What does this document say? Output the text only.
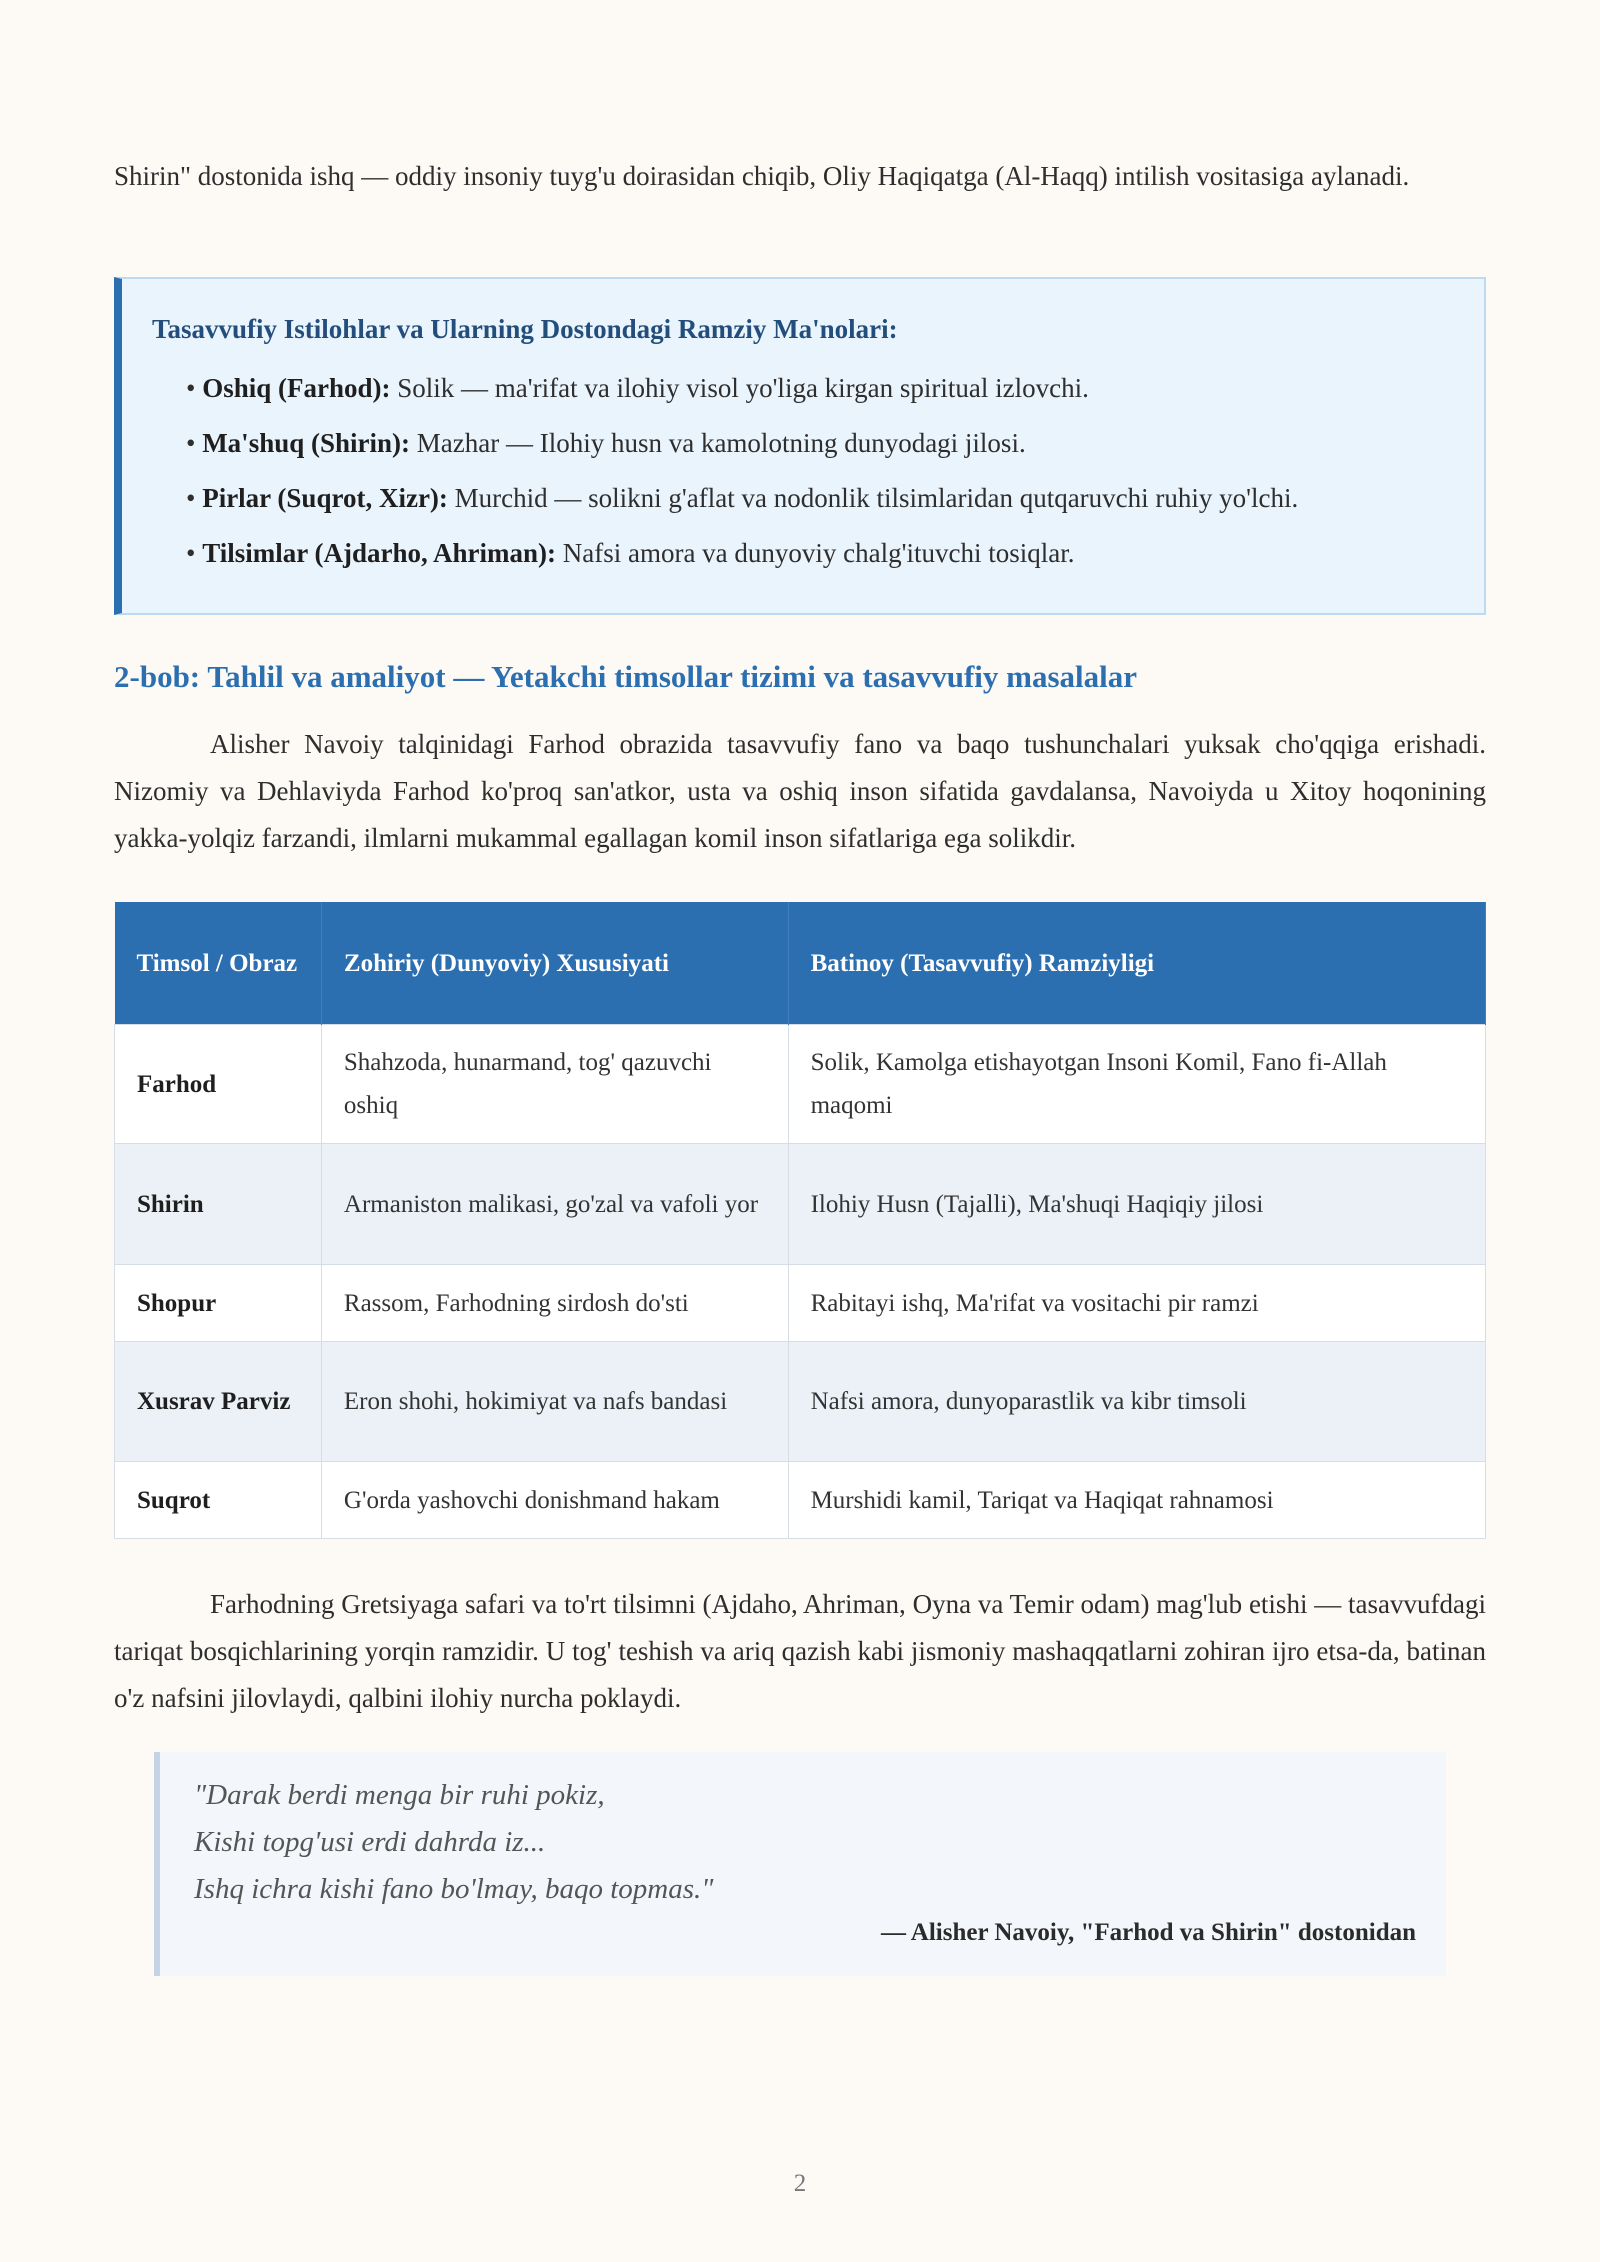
Shirin" dostonida ishq — oddiy insoniy tuyg'u doirasidan chiqib, Oliy Haqiqatga (Al-Haqq) intilish vositasiga aylanadi.

Tasavvufiy Istilohlar va Ularning Dostondagi Ramziy Ma'nolari:
• Oshiq (Farhod): Solik — ma'rifat va ilohiy visol yo'liga kirgan spiritual izlovchi.
• Ma'shuq (Shirin): Mazhar — Ilohiy husn va kamolotning dunyodagi jilosi.
• Pirlar (Suqrot, Xizr): Murchid — solikni g'aflat va nodonlik tilsimlaridan qutqaruvchi ruhiy yo'lchi.
• Tilsimlar (Ajdarho, Ahriman): Nafsi amora va dunyoviy chalg'ituvchi tosiqlar.
2-bob: Tahlil va amaliyot — Yetakchi timsollar tizimi va tasavvufiy masalalar

Alisher Navoiy talqinidagi Farhod obrazida tasavvufiy fano va baqo tushunchalari yuksak cho'qqiga erishadi. Nizomiy va Dehlaviyda Farhod ko'proq san'atkor, usta va oshiq inson sifatida gavdalansa, Navoiyda u Xitoy hoqonining yakka-yolqiz farzandi, ilmlarni mukammal egallagan komil inson sifatlariga ega solikdir.

Timsol / Obraz	Zohiriy (Dunyoviy) Xususiyati	Batinoy (Tasavvufiy) Ramziyligi
Farhod	Shahzoda, hunarmand, tog' qazuvchi oshiq	Solik, Kamolga etishayotgan Insoni Komil, Fano fi-Allah maqomi
Shirin	Armaniston malikasi, go'zal va vafoli yor	Ilohiy Husn (Tajalli), Ma'shuqi Haqiqiy jilosi
Shopur	Rassom, Farhodning sirdosh do'sti	Rabitayi ishq, Ma'rifat va vositachi pir ramzi
Xusrav Parviz	Eron shohi, hokimiyat va nafs bandasi	Nafsi amora, dunyoparastlik va kibr timsoli
Suqrot	G'orda yashovchi donishmand hakam	Murshidi kamil, Tariqat va Haqiqat rahnamosi

Farhodning Gretsiyaga safari va to'rt tilsimni (Ajdaho, Ahriman, Oyna va Temir odam) mag'lub etishi — tasavvufdagi tariqat bosqichlarining yorqin ramzidir. U tog' teshish va ariq qazish kabi jismoniy mashaqqatlarni zohiran ijro etsa-da, batinan o'z nafsini jilovlaydi, qalbini ilohiy nurcha poklaydi.

"Darak berdi menga bir ruhi pokiz,
Kishi topg'usi erdi dahrda iz...
Ishq ichra kishi fano bo'lmay, baqo topmas."
— Alisher Navoiy, "Farhod va Shirin" dostonidan
2
